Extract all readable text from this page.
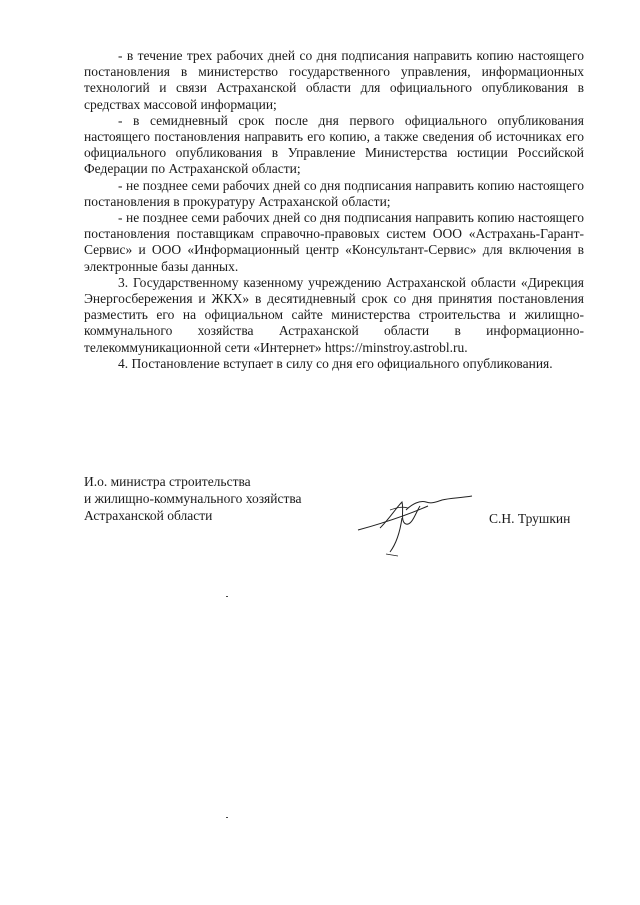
- в течение трех рабочих дней со дня подписания направить копию настоящего постановления в министерство государственного управления, информационных технологий и связи Астраханской области для официального опубликования в средствах массовой информации;

- в семидневный срок после дня первого официального опубликования настоящего постановления направить его копию, а также сведения об источниках его официального опубликования в Управление Министерства юстиции Российской Федерации по Астраханской области;

- не позднее семи рабочих дней со дня подписания направить копию настоящего постановления в прокуратуру Астраханской области;

- не позднее семи рабочих дней со дня подписания направить копию настоящего постановления поставщикам справочно-правовых систем ООО «Астрахань-Гарант-Сервис» и ООО «Информационный центр «Консультант-Сервис» для включения в электронные базы данных.

3. Государственному казенному учреждению Астраханской области «Дирекция Энергосбережения и ЖКХ» в десятидневный срок со дня принятия постановления разместить его на официальном сайте министерства строительства и жилищно-коммунального хозяйства Астраханской области в информационно-телекоммуникационной сети «Интернет» https://minstroy.astrobl.ru.

4. Постановление вступает в силу со дня его официального опубликования.

И.о. министра строительства
и жилищно-коммунального хозяйства
Астраханской области	С.Н. Трушкин
